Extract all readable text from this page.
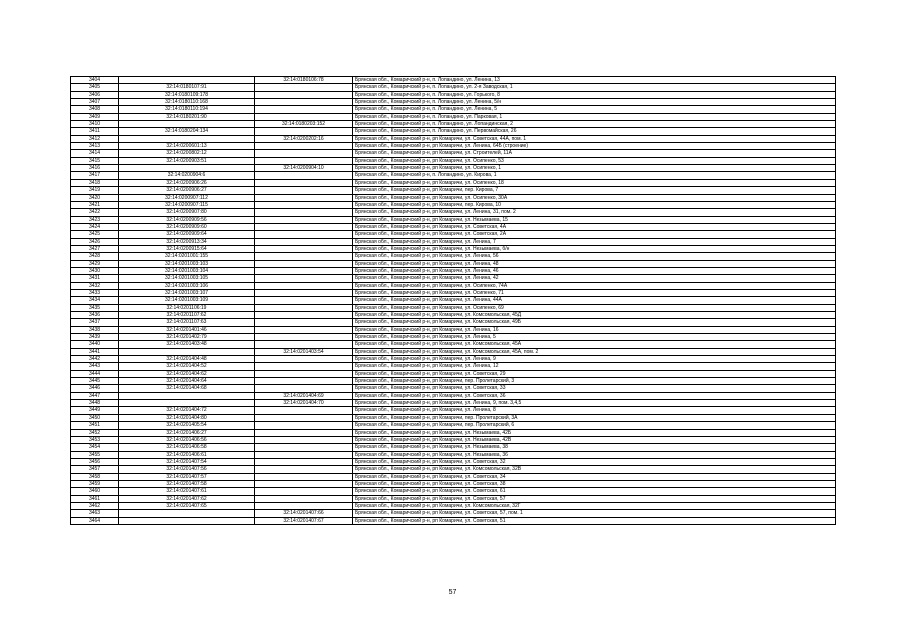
3404		32:14:0180106:78	Брянская обл., Комаричский р-н, п. Лопандино, ул. Ленина, 13
3405	32:14:0180107:91		Брянская обл., Комаричский р-н, п. Лопандино, ул. 2-я Заводская, 1
3406	32:14:0180109:178		Брянская обл., Комаричский р-н, п. Лопандино, ул. Горького, 8
3407	32:14:0180110:168		Брянская обл., Комаричский р-н, п. Лопандино, ул. Ленина, 5/н
3408	32:14:0180110:194		Брянская обл., Комаричский р-н, п. Лопандино, ул. Ленина, 5
3409	32:14:0180201:90		Брянская обл., Комаричский р-н, п. Лопандино, ул. Парковая, 1
3410		32:14:0180203:152	Брянская обл., Комаричский р-н, п. Лопандино, ул. Лопандинская, 2
3411	32:14:0180204:134		Брянская обл., Комаричский р-н, п. Лопандино, ул. Первомайская, 26
3412		32:14:0200202:16	Брянская обл., Комаричский р-н, рп Комаричи, ул. Советская, 44А, пом. 1
3413	32:14:0200601:13		Брянская обл., Комаричский р-н, рп Комаричи, ул. Ленина, 64Б (строение)
3414	32:14:0200802:12		Брянская обл., Комаричский р-н, рп Комаричи, ул. Строителей, 11А
3415	32:14:0200903:51		Брянская обл., Комаричский р-н, рп Комаричи, ул. Осипенко, 53
3416		32:14:0200904:10	Брянская обл., Комаричский р-н, рп Комаричи, ул. Осипенко, 1
3417	32:14:0200904:6		Брянская обл., Комаричский р-н, п. Лопандино, ул. Кирова, 1
3418	32:14:0200906:26		Брянская обл., Комаричский р-н, рп Комаричи, ул. Осипенко, 18
3419	32:14:0200906:27		Брянская обл., Комаричский р-н, рп Комаричи, пер. Кирова, 7
3420	32:14:0200907:112		Брянская обл., Комаричский р-н, рп Комаричи, ул. Осипенко, 30А
3421	32:14:0200907:115		Брянская обл., Комаричский р-н, рп Комаричи, пер. Кирова, 10
3422	32:14:0200907:80		Брянская обл., Комаричский р-н, рп Комаричи, ул. Ленина, 31, пом. 2
3423	32:14:0200909:56		Брянская обл., Комаричский р-н, рп Комаричи, ул. Незымаева, 15
3424	32:14:0200909:60		Брянская обл., Комаричский р-н, рп Комаричи, ул. Советская, 4А
3425	32:14:0200909:64		Брянская обл., Комаричский р-н, рп Комаричи, ул. Советская, 2А
3426	32:14:0200913:34		Брянская обл., Комаричский р-н, рп Комаричи, ул. Ленина, 7
3427	32:14:0200915:64		Брянская обл., Комаричский р-н, рп Комаричи, ул. Незымаева, б/н
3428	32:14:0201001:155		Брянская обл., Комаричский р-н, рп Комаричи, ул. Ленина, 56
3429	32:14:0201003:103		Брянская обл., Комаричский р-н, рп Комаричи, ул. Ленина, 48
3430	32:14:0201003:104		Брянская обл., Комаричский р-н, рп Комаричи, ул. Ленина, 46
3431	32:14:0201003:105		Брянская обл., Комаричский р-н, рп Комаричи, ул. Ленина, 42
3432	32:14:0201003:106		Брянская обл., Комаричский р-н, рп Комаричи, ул. Осипенко, 74А
3433	32:14:0201003:107		Брянская обл., Комаричский р-н, рп Комаричи, ул. Осипенко, 71
3434	32:14:0201003:109		Брянская обл., Комаричский р-н, рп Комаричи, ул. Ленина, 44А
3435	32:14:0201106:19		Брянская обл., Комаричский р-н, рп Комаричи, ул. Осипенко, 69
3436	32:14:0201107:62		Брянская обл., Комаричский р-н, рп Комаричи, ул. Комсомольская, 45Д
3437	32:14:0201107:63		Брянская обл., Комаричский р-н, рп Комаричи, ул. Комсомольская, 49Б
3438	32:14:0201401:46		Брянская обл., Комаричский р-н, рп Комаричи, ул. Ленина, 16
3439	32:14:0201402:79		Брянская обл., Комаричский р-н, рп Комаричи, ул. Ленина, 5
3440	32:14:0201403:48		Брянская обл., Комаричский р-н, рп Комаричи, ул. Комсомольская, 45А
3441		32:14:0201403:54	Брянская обл., Комаричский р-н, рп Комаричи, ул. Комсомольская, 45А, пом. 2
3442	32:14:0201404:48		Брянская обл., Комаричский р-н, рп Комаричи, ул. Ленина, 9
3443	32:14:0201404:52		Брянская обл., Комаричский р-н, рп Комаричи, ул. Ленина, 12
3444	32:14:0201404:62		Брянская обл., Комаричский р-н, рп Комаричи, ул. Советская, 29
3445	32:14:0201404:64		Брянская обл., Комаричский р-н, рп Комаричи, пер. Пролетарский, 3
3446	32:14:0201404:68		Брянская обл., Комаричский р-н, рп Комаричи, ул. Советская, 33
3447		32:14:0201404:69	Брянская обл., Комаричский р-н, рп Комаричи, ул. Советская, 36
3448		32:14:0201404:70	Брянская обл., Комаричский р-н, рп Комаричи, ул. Ленина, 9, пом. 3,4,5
3449	32:14:0201404:72		Брянская обл., Комаричский р-н, рп Комаричи, ул. Ленина, 8
3450	32:14:0201404:80		Брянская обл., Комаричский р-н, рп Комаричи, пер. Пролетарский, 3А
3451	32:14:0201405:54		Брянская обл., Комаричский р-н, рп Комаричи, пер. Пролетарский, 6
3452	32:14:0201406:27		Брянская обл., Комаричский р-н, рп Комаричи, ул. Незымаева, 42Б
3453	32:14:0201406:56		Брянская обл., Комаричский р-н, рп Комаричи, ул. Незымаева, 42В
3454	32:14:0201406:58		Брянская обл., Комаричский р-н, рп Комаричи, ул. Незымаева, 38
3455	32:14:0201406:61		Брянская обл., Комаричский р-н, рп Комаричи, ул. Незымаева, 36
3456	32:14:0201407:54		Брянская обл., Комаричский р-н, рп Комаричи, ул. Советская, 32
3457	32:14:0201407:56		Брянская обл., Комаричский р-н, рп Комаричи, ул. Комсомольская, 32В
3458	32:14:0201407:57		Брянская обл., Комаричский р-н, рп Комаричи, ул. Советская, 34
3459	32:14:0201407:58		Брянская обл., Комаричский р-н, рп Комаричи, ул. Советская, 38
3460	32:14:0201407:61		Брянская обл., Комаричский р-н, рп Комаричи, ул. Советская, 61
3461	32:14:0201407:62		Брянская обл., Комаричский р-н, рп Комаричи, ул. Советская, 57
3462	32:14:0201407:65		Брянская обл., Комаричский р-н, рп Комаричи, ул. Комсомольская, 32Г
3463		32:14:0201407:66	Брянская обл., Комаричский р-н, рп Комаричи, ул. Советская, 57, пом. 1
3464		32:14:0201407:67	Брянская обл., Комаричский р-н, рп Комаричи, ул. Советская, 51
57
